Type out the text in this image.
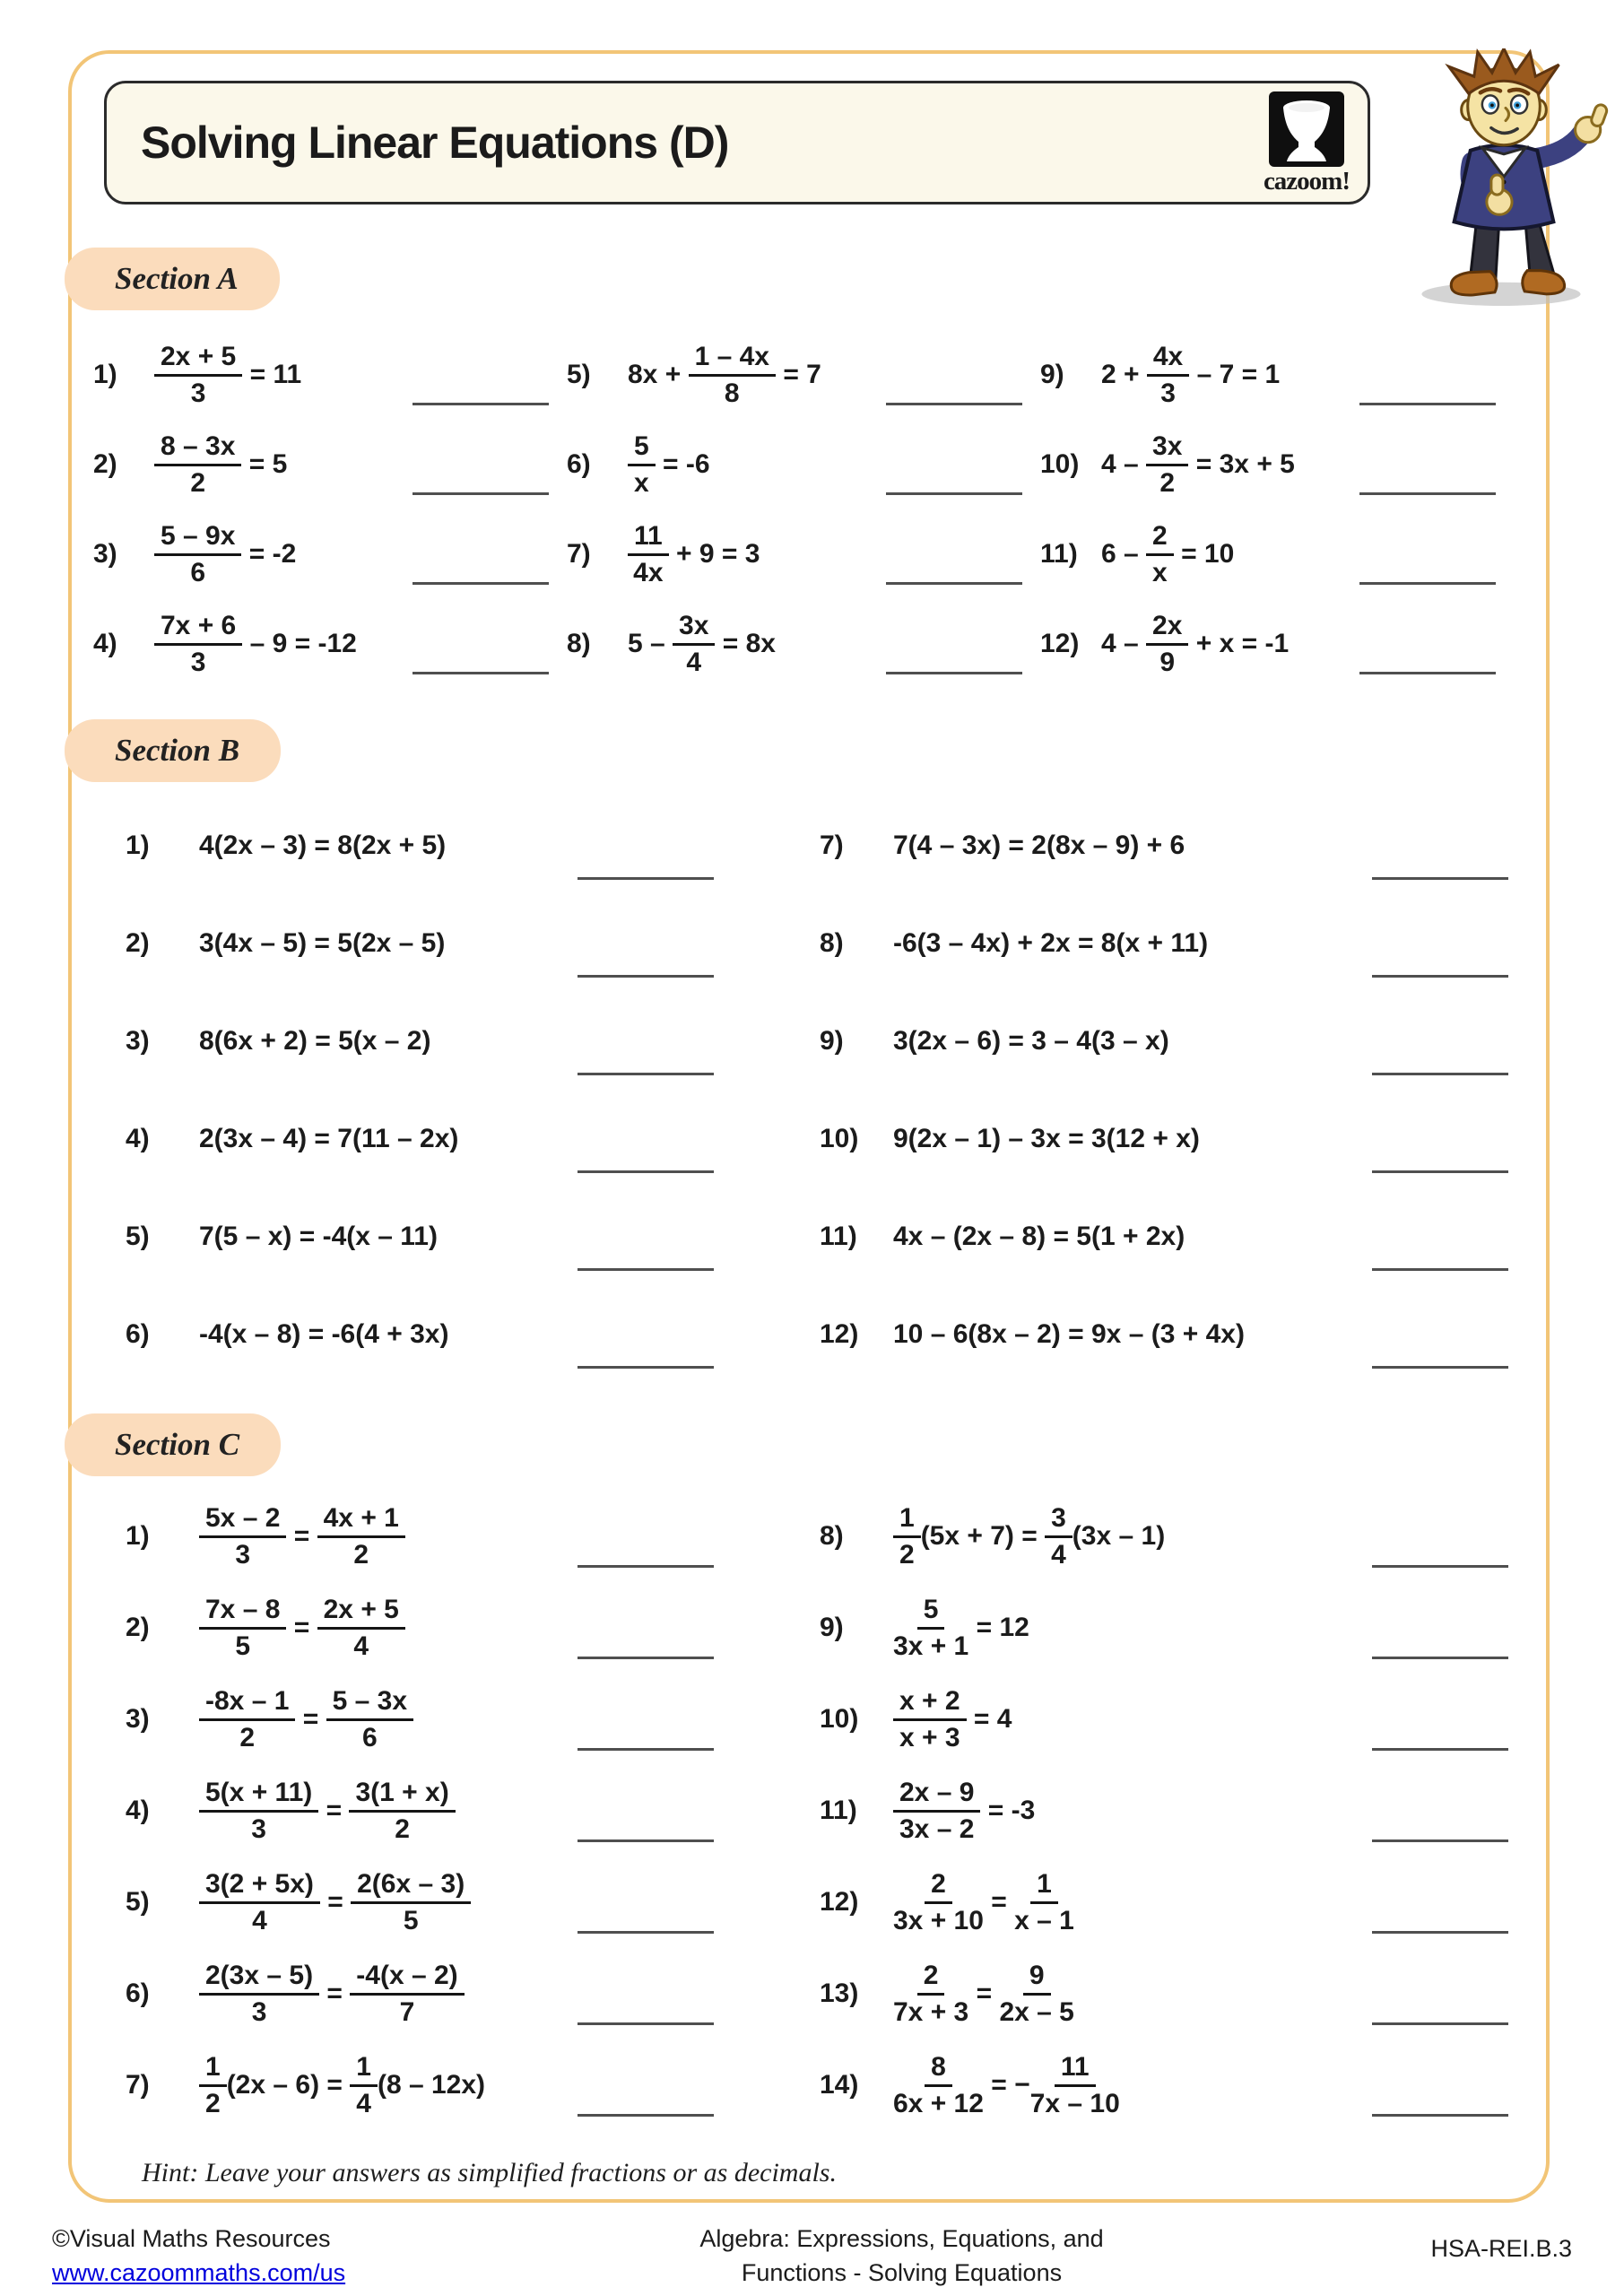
Solving Linear Equations (D)
cazoom!
Section A
1)	$\frac{2x + 5}{3} = 11$
2)	$\frac{8 - 3x}{2} = 5$
3)	$\frac{5 - 9x}{6} = -2$
4)	$\frac{7x + 6}{3} - 9 = -12$
5)	$8x + \frac{1 - 4x}{8} = 7$
6)	$\frac{5}{x} = -6$
7)	$\frac{11}{4x} + 9 = 3$
8)	$5 - \frac{3x}{4} = 8x$
9)	$2 + \frac{4x}{3} - 7 = 1$
10) $4 - \frac{3x}{2} = 3x + 5$
11) $6 - \frac{2}{x} = 10$
12) $4 - \frac{2x}{9} + x = -1$
Section B
1)	4(2x – 3) = 8(2x + 5)
2)	3(4x – 5) = 5(2x – 5)
3)	8(6x + 2) = 5(x – 2)
4)	2(3x – 4) = 7(11 – 2x)
5)	7(5 – x) = -4(x – 11)
6)	-4(x – 8) = -6(4 + 3x)
7)	7(4 – 3x) = 2(8x – 9) + 6
8)	-6(3 – 4x) + 2x = 8(x + 11)
9)	3(2x – 6) = 3 – 4(3 – x)
10)	9(2x – 1) – 3x = 3(12 + x)
11)	4x – (2x – 8) = 5(1 + 2x)
12)	10 – 6(8x – 2) = 9x – (3 + 4x)
Section C
1)	$\frac{5x - 2}{3} = \frac{4x + 1}{2}$
2)	$\frac{7x - 8}{5} = \frac{2x + 5}{4}$
3)	$\frac{-8x - 1}{2} = \frac{5 - 3x}{6}$
4)	$\frac{5(x + 11)}{3} = \frac{3(1 + x)}{2}$
5)	$\frac{3(2 + 5x)}{4} = \frac{2(6x - 3)}{5}$
6)	$\frac{2(3x - 5)}{3} = \frac{-4(x - 2)}{7}$
7)	$\frac{1}{2} (2x - 6) = \frac{1}{4} (8 - 12x)$
8)	$\frac{1}{2} (5x + 7) = \frac{3}{4} (3x - 1)$
9)	$\frac{5}{3x + 1} = 12$
10)	$\frac{x + 2}{x + 3} = 4$
11)	$\frac{2x - 9}{3x - 2} = -3$
12)	$\frac{2}{3x + 10} = \frac{1}{x - 1}$
13)	$\frac{2}{7x + 3} = \frac{9}{2x - 5}$
14)	$\frac{8}{6x + 12}$ = − $\frac{11}{7x - 10}$
Hint: Leave your answers as simplified fractions or as decimals.
©Visual Maths Resources
www.cazoommaths.com/us
Algebra: Expressions, Equations, and
Functions - Solving Equations
HSA-REI.B.3
